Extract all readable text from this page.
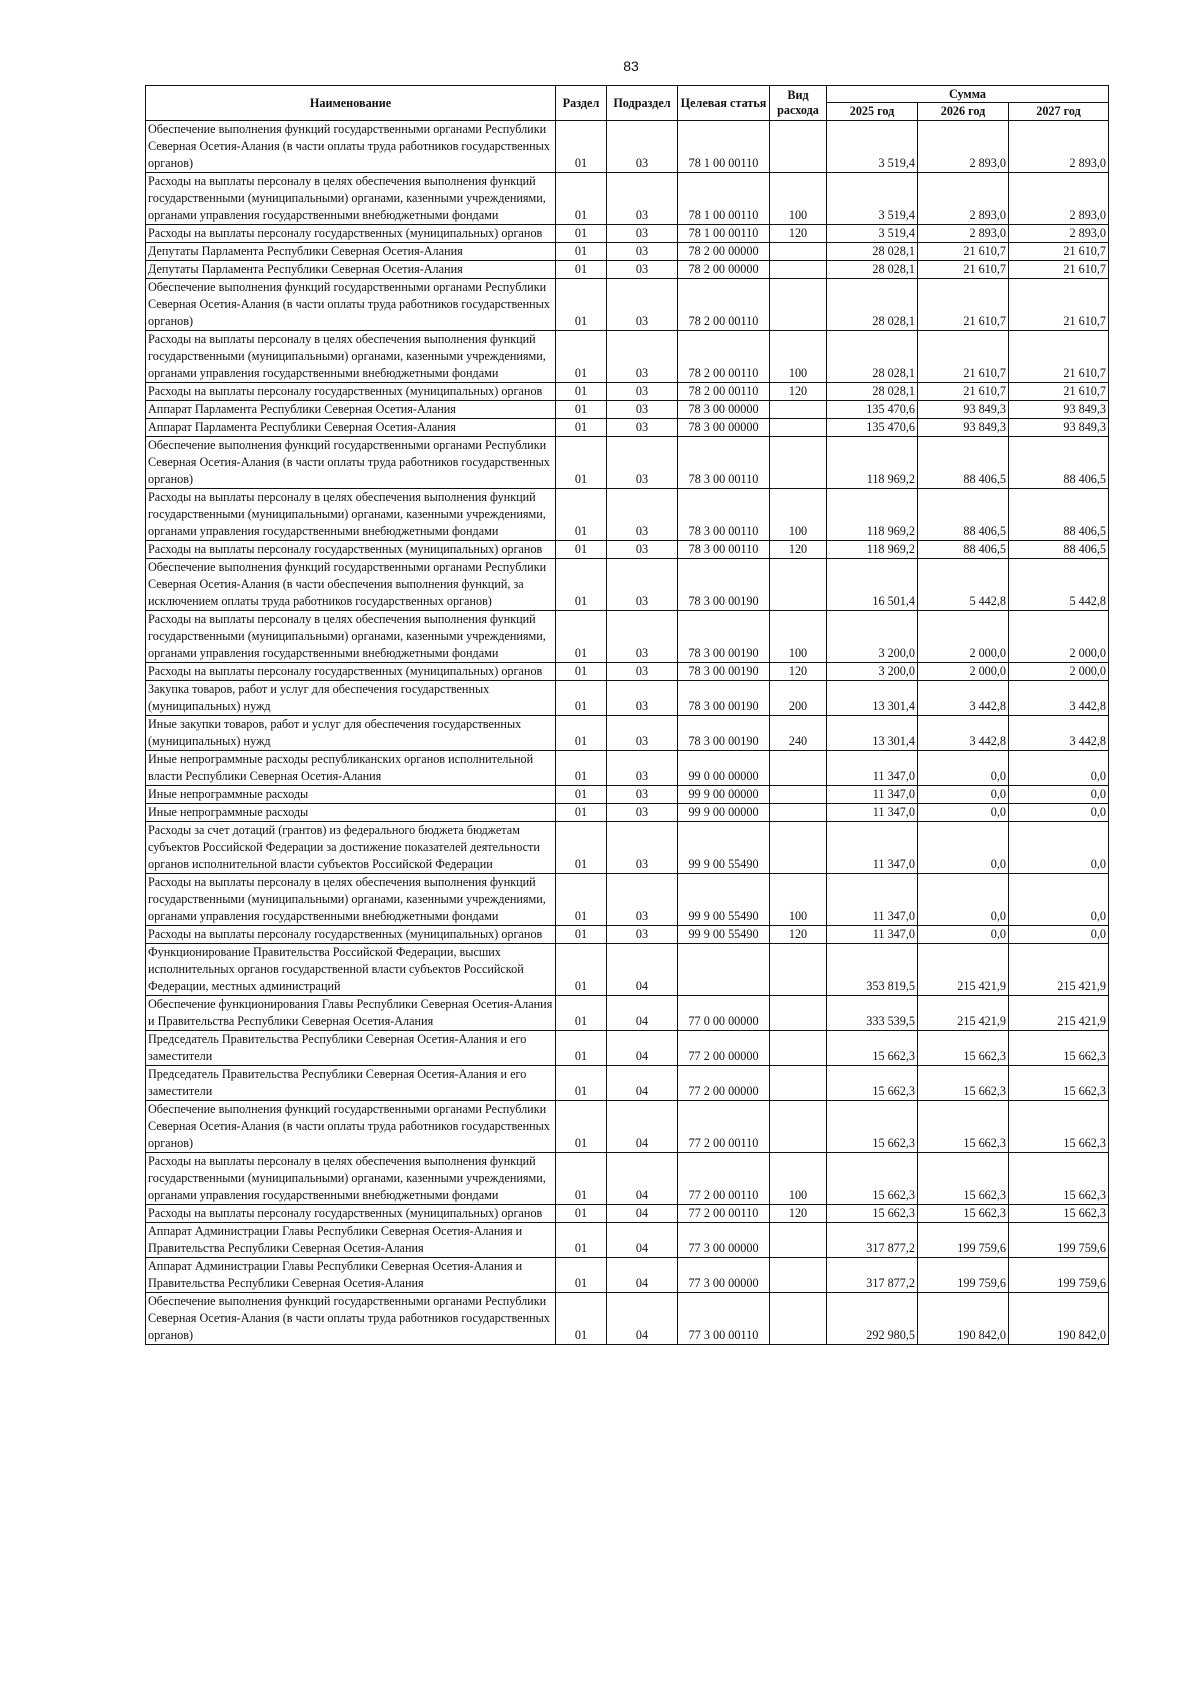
83
Наименование	Раздел	Подраздел	Целевая статья	Вид расхода	Сумма		
					2025 год	2026 год	2027 год
Обеспечение выполнения функций государственными органами Республики Северная Осетия-Алания (в части оплаты труда работников государственных органов)	01	03	78 1 00 00110		3 519,4	2 893,0	2 893,0
Расходы на выплаты персоналу в целях обеспечения выполнения функций государственными (муниципальными) органами, казенными учреждениями, органами управления государственными внебюджетными фондами	01	03	78 1 00 00110	100	3 519,4	2 893,0	2 893,0
Расходы на выплаты персоналу государственных (муниципальных) органов	01	03	78 1 00 00110	120	3 519,4	2 893,0	2 893,0
Депутаты Парламента Республики Северная Осетия-Алания	01	03	78 2 00 00000		28 028,1	21 610,7	21 610,7
Депутаты Парламента Республики Северная Осетия-Алания	01	03	78 2 00 00000		28 028,1	21 610,7	21 610,7
Обеспечение выполнения функций государственными органами Республики Северная Осетия-Алания (в части оплаты труда работников государственных органов)	01	03	78 2 00 00110		28 028,1	21 610,7	21 610,7
Расходы на выплаты персоналу в целях обеспечения выполнения функций государственными (муниципальными) органами, казенными учреждениями, органами управления государственными внебюджетными фондами	01	03	78 2 00 00110	100	28 028,1	21 610,7	21 610,7
Расходы на выплаты персоналу государственных (муниципальных) органов	01	03	78 2 00 00110	120	28 028,1	21 610,7	21 610,7
Аппарат Парламента Республики Северная Осетия-Алания	01	03	78 3 00 00000		135 470,6	93 849,3	93 849,3
Аппарат Парламента Республики Северная Осетия-Алания	01	03	78 3 00 00000		135 470,6	93 849,3	93 849,3
Обеспечение выполнения функций государственными органами Республики Северная Осетия-Алания (в части оплаты труда работников государственных органов)	01	03	78 3 00 00110		118 969,2	88 406,5	88 406,5
Расходы на выплаты персоналу в целях обеспечения выполнения функций государственными (муниципальными) органами, казенными учреждениями, органами управления государственными внебюджетными фондами	01	03	78 3 00 00110	100	118 969,2	88 406,5	88 406,5
Расходы на выплаты персоналу государственных (муниципальных) органов	01	03	78 3 00 00110	120	118 969,2	88 406,5	88 406,5
Обеспечение выполнения функций государственными органами Республики Северная Осетия-Алания (в части обеспечения выполнения функций, за исключением оплаты труда работников государственных органов)	01	03	78 3 00 00190		16 501,4	5 442,8	5 442,8
Расходы на выплаты персоналу в целях обеспечения выполнения функций государственными (муниципальными) органами, казенными учреждениями, органами управления государственными внебюджетными фондами	01	03	78 3 00 00190	100	3 200,0	2 000,0	2 000,0
Расходы на выплаты персоналу государственных (муниципальных) органов	01	03	78 3 00 00190	120	3 200,0	2 000,0	2 000,0
Закупка товаров, работ и услуг для обеспечения государственных (муниципальных) нужд	01	03	78 3 00 00190	200	13 301,4	3 442,8	3 442,8
Иные закупки товаров, работ и услуг для обеспечения государственных (муниципальных) нужд	01	03	78 3 00 00190	240	13 301,4	3 442,8	3 442,8
Иные непрограммные расходы республиканских органов исполнительной власти Республики Северная Осетия-Алания	01	03	99 0 00 00000		11 347,0	0,0	0,0
Иные непрограммные расходы	01	03	99 9 00 00000		11 347,0	0,0	0,0
Иные непрограммные расходы	01	03	99 9 00 00000		11 347,0	0,0	0,0
Расходы за счет дотаций (грантов) из федерального бюджета бюджетам субъектов Российской Федерации за достижение показателей деятельности органов исполнительной власти субъектов Российской Федерации	01	03	99 9 00 55490		11 347,0	0,0	0,0
Расходы на выплаты персоналу в целях обеспечения выполнения функций государственными (муниципальными) органами, казенными учреждениями, органами управления государственными внебюджетными фондами	01	03	99 9 00 55490	100	11 347,0	0,0	0,0
Расходы на выплаты персоналу государственных (муниципальных) органов	01	03	99 9 00 55490	120	11 347,0	0,0	0,0
Функционирование Правительства Российской Федерации, высших исполнительных органов государственной власти субъектов Российской Федерации, местных администраций	01	04			353 819,5	215 421,9	215 421,9
Обеспечение функционирования Главы Республики Северная Осетия-Алания и Правительства Республики Северная Осетия-Алания	01	04	77 0 00 00000		333 539,5	215 421,9	215 421,9
Председатель Правительства Республики Северная Осетия-Алания и его заместители	01	04	77 2 00 00000		15 662,3	15 662,3	15 662,3
Председатель Правительства Республики Северная Осетия-Алания и его заместители	01	04	77 2 00 00000		15 662,3	15 662,3	15 662,3
Обеспечение выполнения функций государственными органами Республики Северная Осетия-Алания (в части оплаты труда работников государственных органов)	01	04	77 2 00 00110		15 662,3	15 662,3	15 662,3
Расходы на выплаты персоналу в целях обеспечения выполнения функций государственными (муниципальными) органами, казенными учреждениями, органами управления государственными внебюджетными фондами	01	04	77 2 00 00110	100	15 662,3	15 662,3	15 662,3
Расходы на выплаты персоналу государственных (муниципальных) органов	01	04	77 2 00 00110	120	15 662,3	15 662,3	15 662,3
Аппарат Администрации Главы Республики Северная Осетия-Алания и Правительства Республики Северная Осетия-Алания	01	04	77 3 00 00000		317 877,2	199 759,6	199 759,6
Аппарат Администрации Главы Республики Северная Осетия-Алания и Правительства Республики Северная Осетия-Алания	01	04	77 3 00 00000		317 877,2	199 759,6	199 759,6
Обеспечение выполнения функций государственными органами Республики Северная Осетия-Алания (в части оплаты труда работников государственных органов)	01	04	77 3 00 00110		292 980,5	190 842,0	190 842,0
